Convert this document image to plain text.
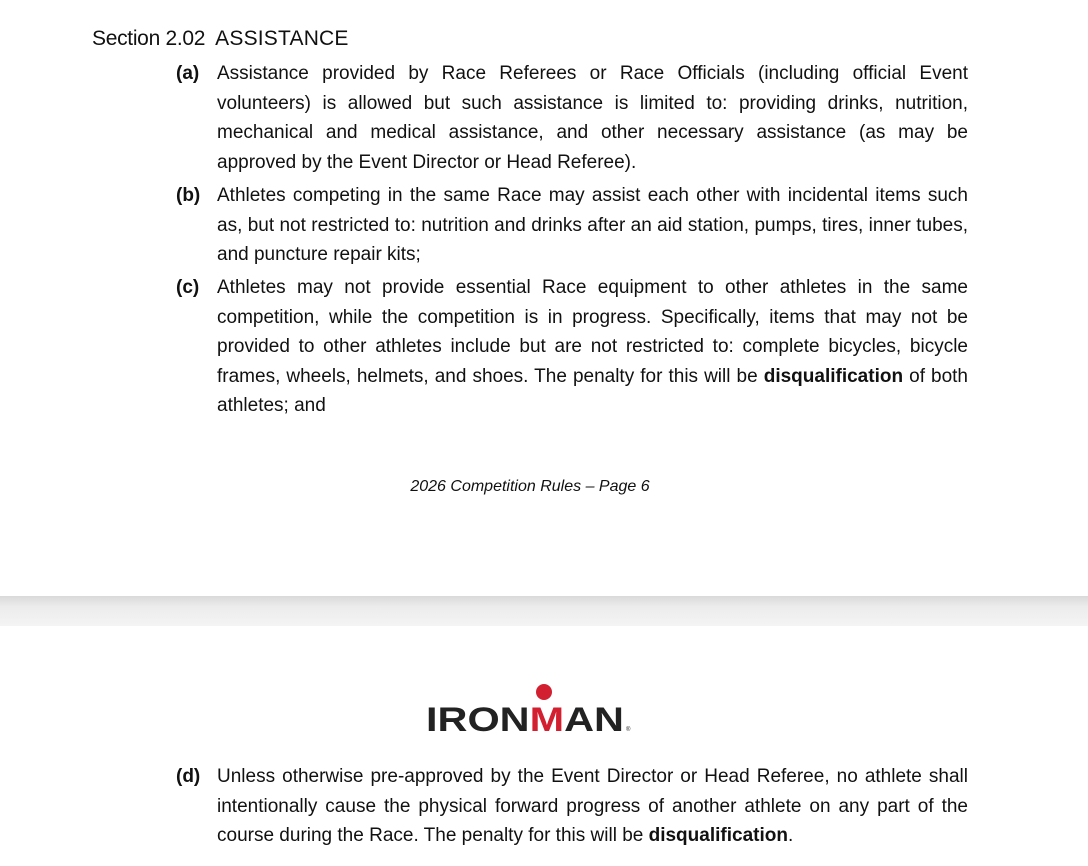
Section 2.02 ASSISTANCE
(a) Assistance provided by Race Referees or Race Officials (including official Event volunteers) is allowed but such assistance is limited to: providing drinks, nutrition, mechanical and medical assistance, and other necessary assistance (as may be approved by the Event Director or Head Referee).
(b) Athletes competing in the same Race may assist each other with incidental items such as, but not restricted to: nutrition and drinks after an aid station, pumps, tires, inner tubes, and puncture repair kits;
(c) Athletes may not provide essential Race equipment to other athletes in the same competition, while the competition is in progress. Specifically, items that may not be provided to other athletes include but are not restricted to: complete bicycles, bicycle frames, wheels, helmets, and shoes. The penalty for this will be disqualification of both athletes; and
2026 Competition Rules – Page 6
IRON M AN	®
(d) Unless otherwise pre-approved by the Event Director or Head Referee, no athlete shall intentionally cause the physical forward progress of another athlete on any part of the course during the Race. The penalty for this will be disqualification.
